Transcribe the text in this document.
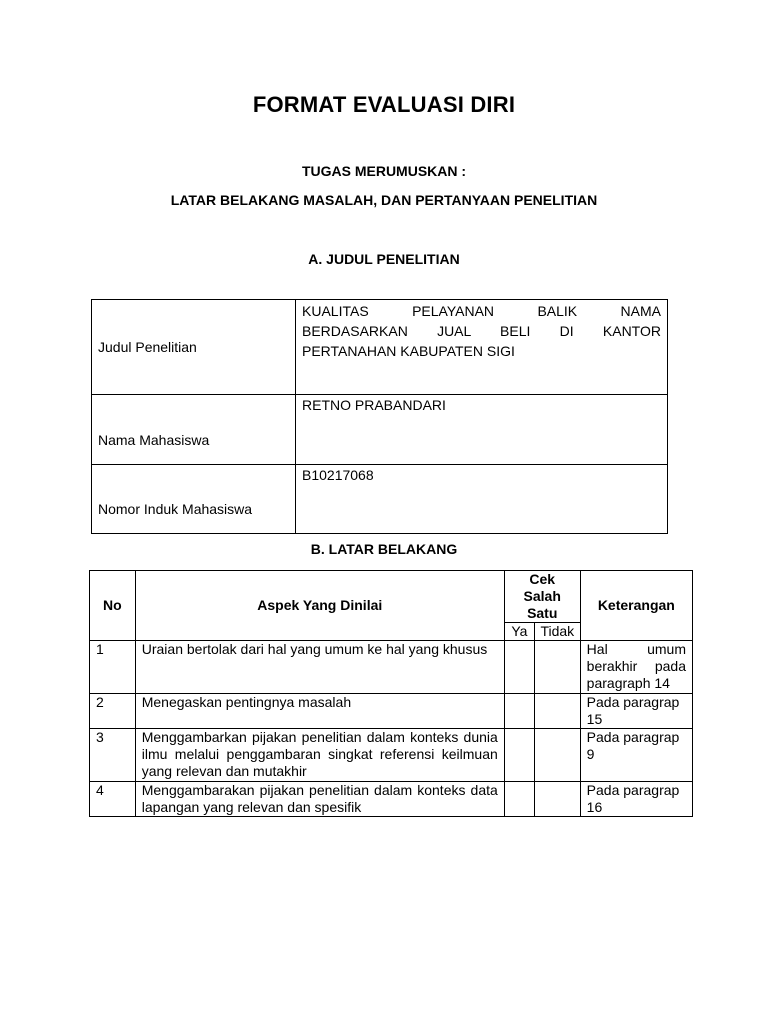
FORMAT EVALUASI DIRI
TUGAS MERUMUSKAN :
LATAR BELAKANG MASALAH, DAN PERTANYAAN PENELITIAN
A. JUDUL PENELITIAN
Judul Penelitian	KUALITAS PELAYANAN BALIK NAMA
BERDASARKAN JUAL BELI DI KANTOR
PERTANAHAN KABUPATEN SIGI

Nama Mahasiswa	RETNO PRABANDARI
Nomor Induk Mahasiswa	B10217068
B. LATAR BELAKANG
No	Aspek Yang Dinilai	Cek Salah Satu		Keterangan
		Ya	Tidak	
1	Uraian bertolak dari hal yang umum ke hal yang khusus			Hal umum berakhir pada paragraph 14
2	Menegaskan pentingnya masalah			Pada paragrap 15
3	Menggambarkan pijakan penelitian dalam konteks dunia ilmu melalui penggambaran singkat referensi keilmuan yang relevan dan mutakhir			Pada paragrap 9
4	Menggambarakan pijakan penelitian dalam konteks data lapangan yang relevan dan spesifik			Pada paragrap 16
